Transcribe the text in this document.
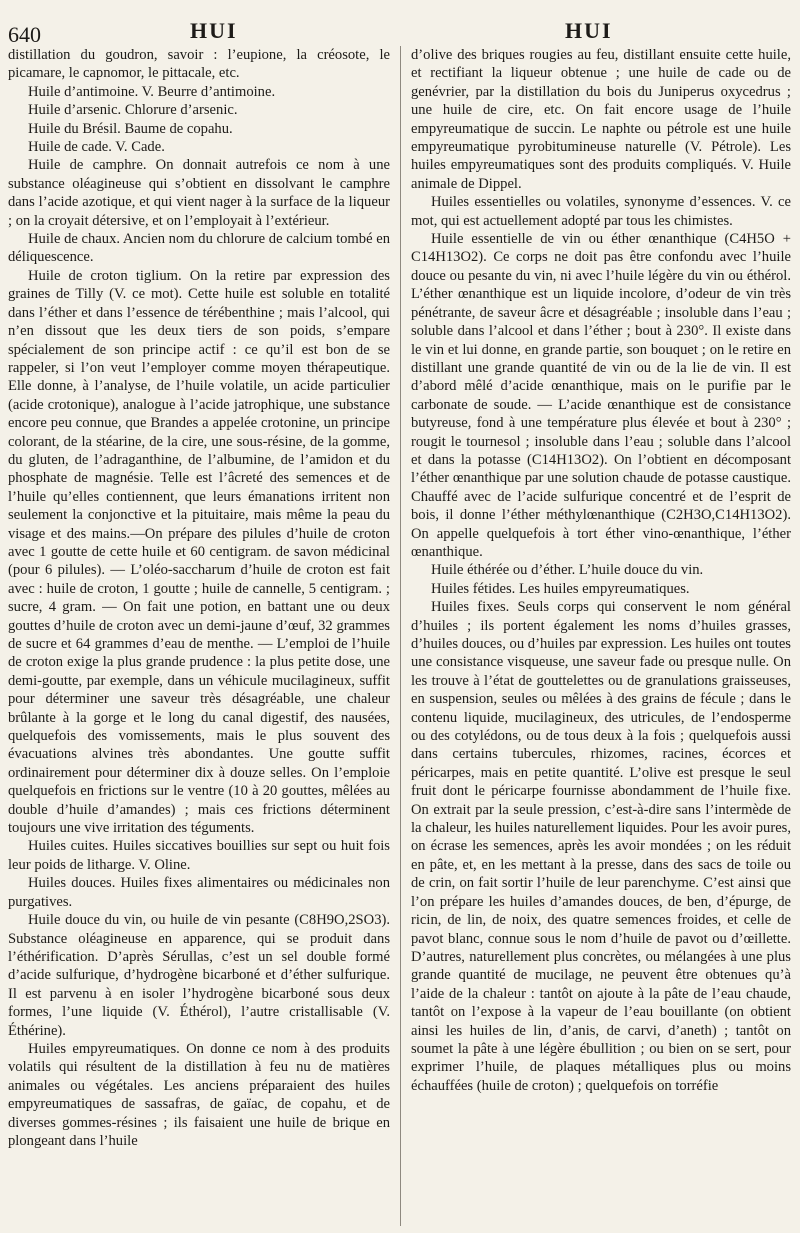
640	HUI	HUI

distillation du goudron, savoir : l’eupione, la créosote, le picamare, le capnomor, le pittacale, etc.

Huile d’antimoine. V. Beurre d’antimoine.

Huile d’arsenic. Chlorure d’arsenic.

Huile du Brésil. Baume de copahu.

Huile de cade. V. Cade.

Huile de camphre. On donnait autrefois ce nom à une substance oléagineuse qui s’obtient en dissolvant le camphre dans l’acide azotique, et qui vient nager à la surface de la liqueur ; on la croyait détersive, et on l’employait à l’extérieur.

Huile de chaux. Ancien nom du chlorure de calcium tombé en déliquescence.

Huile de croton tiglium. On la retire par expression des graines de Tilly (V. ce mot). Cette huile est soluble en totalité dans l’éther et dans l’essence de térébenthine ; mais l’alcool, qui n’en dissout que les deux tiers de son poids, s’empare spécialement de son principe actif : ce qu’il est bon de se rappeler, si l’on veut l’employer comme moyen thérapeutique. Elle donne, à l’analyse, de l’huile volatile, un acide particulier (acide crotonique), analogue à l’acide jatrophique, une substance encore peu connue, que Brandes a appelée crotonine, un principe colorant, de la stéarine, de la cire, une sous-résine, de la gomme, du gluten, de l’adraganthine, de l’albumine, de l’amidon et du phosphate de magnésie. Telle est l’âcreté des semences et de l’huile qu’elles contiennent, que leurs émanations irritent non seulement la conjonctive et la pituitaire, mais même la peau du visage et des mains.—On prépare des pilules d’huile de croton avec 1 goutte de cette huile et 60 centigram. de savon médicinal (pour 6 pilules). — L’oléo-saccharum d’huile de croton est fait avec : huile de croton, 1 goutte ; huile de cannelle, 5 centigram. ; sucre, 4 gram. — On fait une potion, en battant une ou deux gouttes d’huile de croton avec un demi-jaune d’œuf, 32 grammes de sucre et 64 grammes d’eau de menthe. — L’emploi de l’huile de croton exige la plus grande prudence : la plus petite dose, une demi-goutte, par exemple, dans un véhicule mucilagineux, suffit pour déterminer une saveur très désagréable, une chaleur brûlante à la gorge et le long du canal digestif, des nausées, quelquefois des vomissements, mais le plus souvent des évacuations alvines très abondantes. Une goutte suffit ordinairement pour déterminer dix à douze selles. On l’emploie quelquefois en frictions sur le ventre (10 à 20 gouttes, mêlées au double d’huile d’amandes) ; mais ces frictions déterminent toujours une vive irritation des téguments.

Huiles cuites. Huiles siccatives bouillies sur sept ou huit fois leur poids de litharge. V. Oline.

Huiles douces. Huiles fixes alimentaires ou médicinales non purgatives.

Huile douce du vin, ou huile de vin pesante (C8H9O,2SO3). Substance oléagineuse en apparence, qui se produit dans l’éthérification. D’après Sérullas, c’est un sel double formé d’acide sulfurique, d’hydrogène bicarboné et d’éther sulfurique. Il est parvenu à en isoler l’hydrogène bicarboné sous deux formes, l’une liquide (V. Éthérol), l’autre cristallisable (V. Éthérine).

Huiles empyreumatiques. On donne ce nom à des produits volatils qui résultent de la distillation à feu nu de matières animales ou végétales. Les anciens préparaient des huiles empyreumatiques de sassafras, de gaïac, de copahu, et de diverses gommes-résines ; ils faisaient une huile de brique en plongeant dans l’huile

d’olive des briques rougies au feu, distillant ensuite cette huile, et rectifiant la liqueur obtenue ; une huile de cade ou de genévrier, par la distillation du bois du Juniperus oxycedrus ; une huile de cire, etc. On fait encore usage de l’huile empyreumatique de succin. Le naphte ou pétrole est une huile empyreumatique pyrobitumineuse naturelle (V. Pétrole). Les huiles empyreumatiques sont des produits compliqués. V. Huile animale de Dippel.

Huiles essentielles ou volatiles, synonyme d’essences. V. ce mot, qui est actuellement adopté par tous les chimistes.

Huile essentielle de vin ou éther œnanthique (C4H5O + C14H13O2). Ce corps ne doit pas être confondu avec l’huile douce ou pesante du vin, ni avec l’huile légère du vin ou éthérol. L’éther œnanthique est un liquide incolore, d’odeur de vin très pénétrante, de saveur âcre et désagréable ; insoluble dans l’eau ; soluble dans l’alcool et dans l’éther ; bout à 230°. Il existe dans le vin et lui donne, en grande partie, son bouquet ; on le retire en distillant une grande quantité de vin ou de la lie de vin. Il est d’abord mêlé d’acide œnanthique, mais on le purifie par le carbonate de soude. — L’acide œnanthique est de consistance butyreuse, fond à une température plus élevée et bout à 230° ; rougit le tournesol ; insoluble dans l’eau ; soluble dans l’alcool et dans la potasse (C14H13O2). On l’obtient en décomposant l’éther œnanthique par une solution chaude de potasse caustique. Chauffé avec de l’acide sulfurique concentré et de l’esprit de bois, il donne l’éther méthylœnanthique (C2H3O,C14H13O2). On appelle quelquefois à tort éther vino-œnanthique, l’éther œnanthique.

Huile éthérée ou d’éther. L’huile douce du vin.

Huiles fétides. Les huiles empyreumatiques.

Huiles fixes. Seuls corps qui conservent le nom général d’huiles ; ils portent également les noms d’huiles grasses, d’huiles douces, ou d’huiles par expression. Les huiles ont toutes une consistance visqueuse, une saveur fade ou presque nulle. On les trouve à l’état de gouttelettes ou de granulations graisseuses, en suspension, seules ou mêlées à des grains de fécule ; dans le contenu liquide, mucilagineux, des utricules, de l’endosperme ou des cotylédons, ou de tous deux à la fois ; quelquefois aussi dans certains tubercules, rhizomes, racines, écorces et péricarpes, mais en petite quantité. L’olive est presque le seul fruit dont le péricarpe fournisse abondamment de l’huile fixe. On extrait par la seule pression, c’est-à-dire sans l’intermède de la chaleur, les huiles naturellement liquides. Pour les avoir pures, on écrase les semences, après les avoir mondées ; on les réduit en pâte, et, en les mettant à la presse, dans des sacs de toile ou de crin, on fait sortir l’huile de leur parenchyme. C’est ainsi que l’on prépare les huiles d’amandes douces, de ben, d’épurge, de ricin, de lin, de noix, des quatre semences froides, et celle de pavot blanc, connue sous le nom d’huile de pavot ou d’œillette. D’autres, naturellement plus concrètes, ou mélangées à une plus grande quantité de mucilage, ne peuvent être obtenues qu’à l’aide de la chaleur : tantôt on ajoute à la pâte de l’eau chaude, tantôt on l’expose à la vapeur de l’eau bouillante (on obtient ainsi les huiles de lin, d’anis, de carvi, d’aneth) ; tantôt on soumet la pâte à une légère ébullition ; ou bien on se sert, pour exprimer l’huile, de plaques métalliques plus ou moins échauffées (huile de croton) ; quelquefois on torréfie
